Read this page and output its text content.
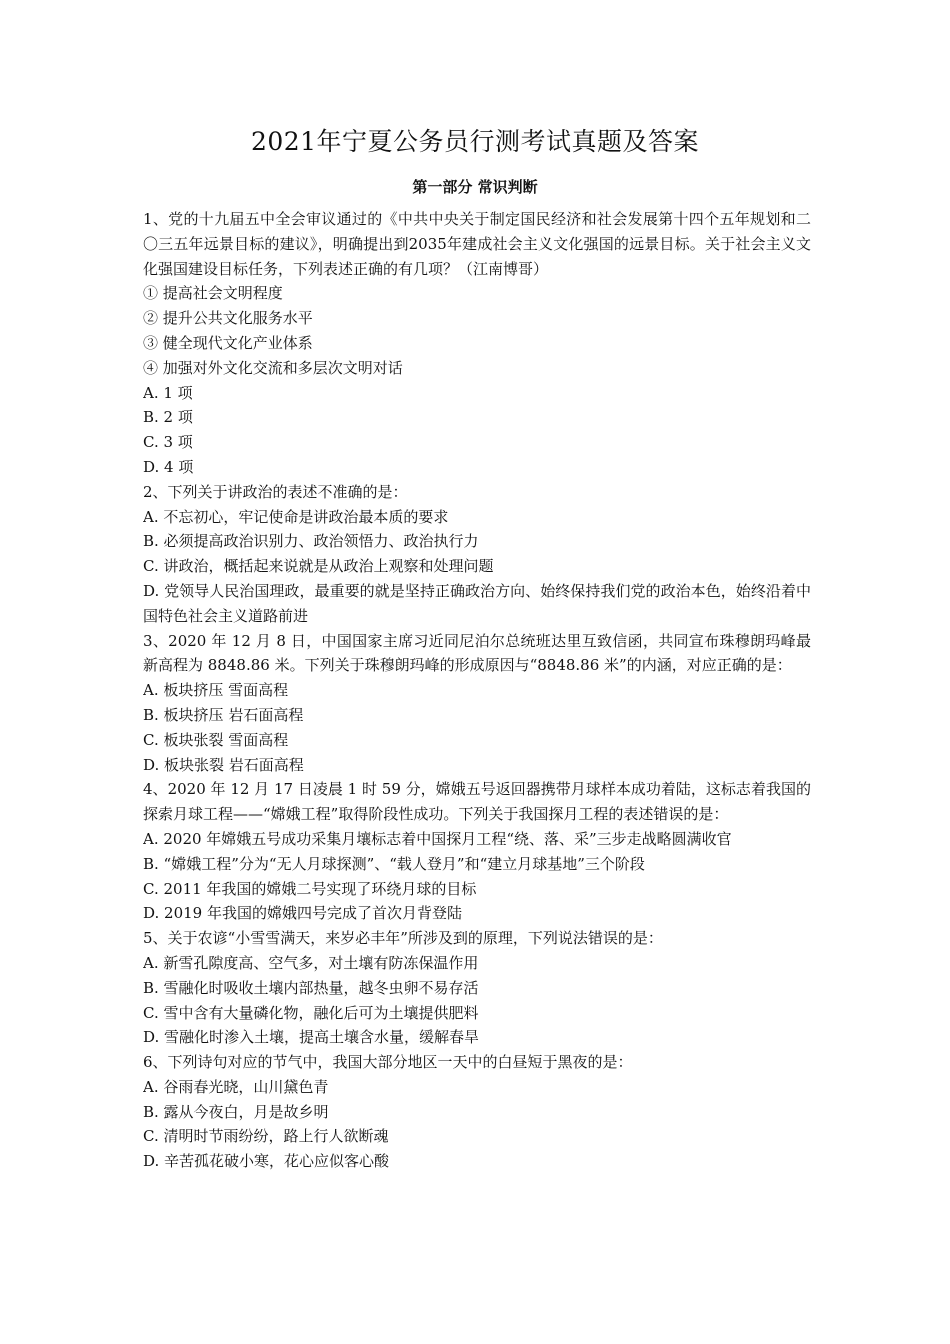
2021年宁夏公务员行测考试真题及答案
第一部分 常识判断

1、党的十九届五中全会审议通过的《中共中央关于制定国民经济和社会发展第十四个五年规划和二〇三五年远景目标的建议》，明确提出到2035年建成社会主义文化强国的远景目标。关于社会主义文化强国建设目标任务，下列表述正确的有几项？（江南博哥）

① 提高社会文明程度

② 提升公共文化服务水平

③ 健全现代文化产业体系

④ 加强对外文化交流和多层次文明对话

A. 1 项

B. 2 项

C. 3 项

D. 4 项

2、下列关于讲政治的表述不准确的是：

A. 不忘初心，牢记使命是讲政治最本质的要求

B. 必须提高政治识别力、政治领悟力、政治执行力

C. 讲政治，概括起来说就是从政治上观察和处理问题

D. 党领导人民治国理政，最重要的就是坚持正确政治方向、始终保持我们党的政治本色，始终沿着中国特色社会主义道路前进

3、2020 年 12 月 8 日，中国国家主席习近同尼泊尔总统班达里互致信函，共同宣布珠穆朗玛峰最新高程为 8848.86 米。下列关于珠穆朗玛峰的形成原因与“8848.86 米”的内涵，对应正确的是：

A. 板块挤压 雪面高程

B. 板块挤压 岩石面高程

C. 板块张裂 雪面高程

D. 板块张裂 岩石面高程

4、2020 年 12 月 17 日凌晨 1 时 59 分，嫦娥五号返回器携带月球样本成功着陆，这标志着我国的探索月球工程——“嫦娥工程”取得阶段性成功。下列关于我国探月工程的表述错误的是：

A. 2020 年嫦娥五号成功采集月壤标志着中国探月工程“绕、落、采”三步走战略圆满收官

B. “嫦娥工程”分为“无人月球探测”、“载人登月”和“建立月球基地”三个阶段

C. 2011 年我国的嫦娥二号实现了环绕月球的目标

D. 2019 年我国的嫦娥四号完成了首次月背登陆

5、关于农谚“小雪雪满天，来岁必丰年”所涉及到的原理，下列说法错误的是：

A. 新雪孔隙度高、空气多，对土壤有防冻保温作用

B. 雪融化时吸收土壤内部热量，越冬虫卵不易存活

C. 雪中含有大量磷化物，融化后可为土壤提供肥料

D. 雪融化时渗入土壤，提高土壤含水量，缓解春旱

6、下列诗句对应的节气中，我国大部分地区一天中的白昼短于黑夜的是：

A. 谷雨春光晓，山川黛色青

B. 露从今夜白，月是故乡明

C. 清明时节雨纷纷，路上行人欲断魂

D. 辛苦孤花破小寒，花心应似客心酸
